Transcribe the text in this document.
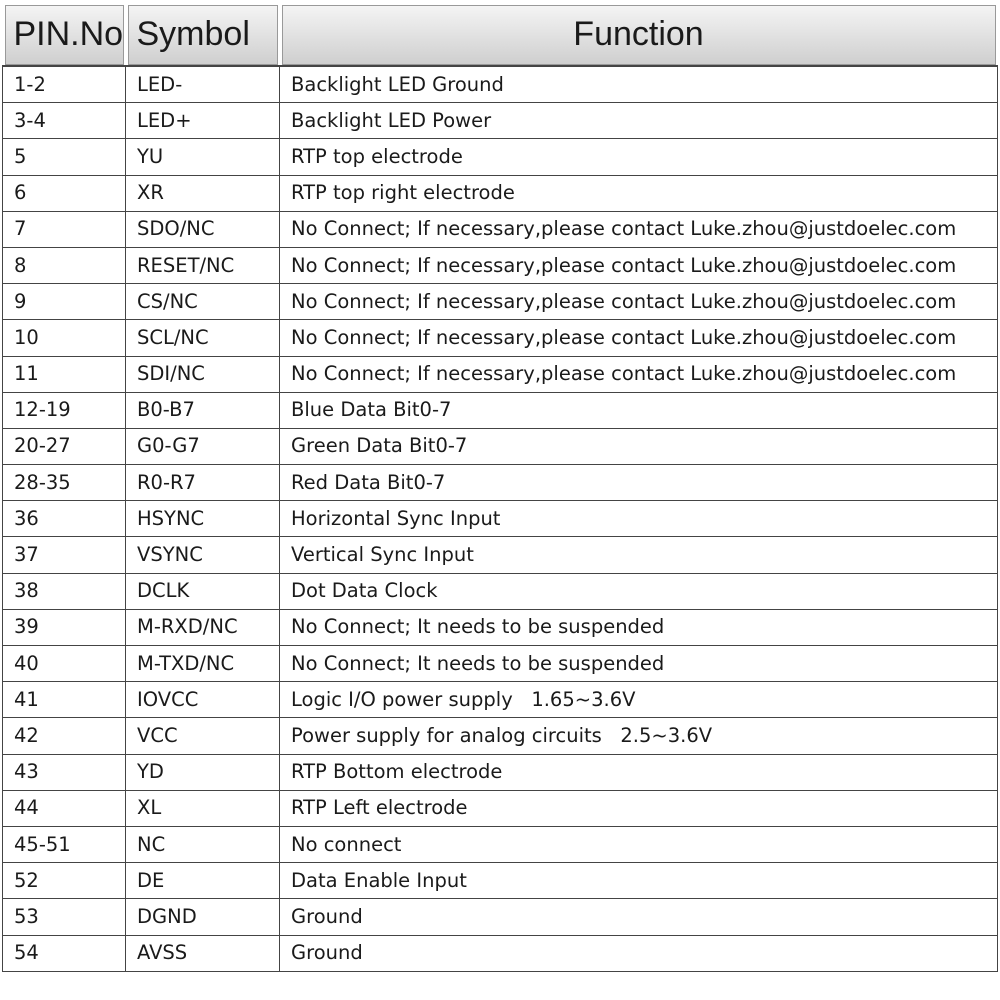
PIN.No	Symbol	Function

1-2	LED-	Backlight LED Ground
3-4	LED+	Backlight LED Power
5	YU	RTP top electrode
6	XR	RTP top right electrode
7	SDO/NC	No Connect; If necessary,please contact Luke.zhou@justdoelec.com
8	RESET/NC	No Connect; If necessary,please contact Luke.zhou@justdoelec.com
9	CS/NC	No Connect; If necessary,please contact Luke.zhou@justdoelec.com
10	SCL/NC	No Connect; If necessary,please contact Luke.zhou@justdoelec.com
11	SDI/NC	No Connect; If necessary,please contact Luke.zhou@justdoelec.com
12-19	B0-B7	Blue Data Bit0-7
20-27	G0-G7	Green Data Bit0-7
28-35	R0-R7	Red Data Bit0-7
36	HSYNC	Horizontal Sync Input
37	VSYNC	Vertical Sync Input
38	DCLK	Dot Data Clock
39	M-RXD/NC	No Connect; It needs to be suspended
40	M-TXD/NC	No Connect; It needs to be suspended
41	IOVCC	Logic I/O power supply   1.65~3.6V
42	VCC	Power supply for analog circuits   2.5~3.6V
43	YD	RTP Bottom electrode
44	XL	RTP Left electrode
45-51	NC	No connect
52	DE	Data Enable Input
53	DGND	Ground
54	AVSS	Ground
